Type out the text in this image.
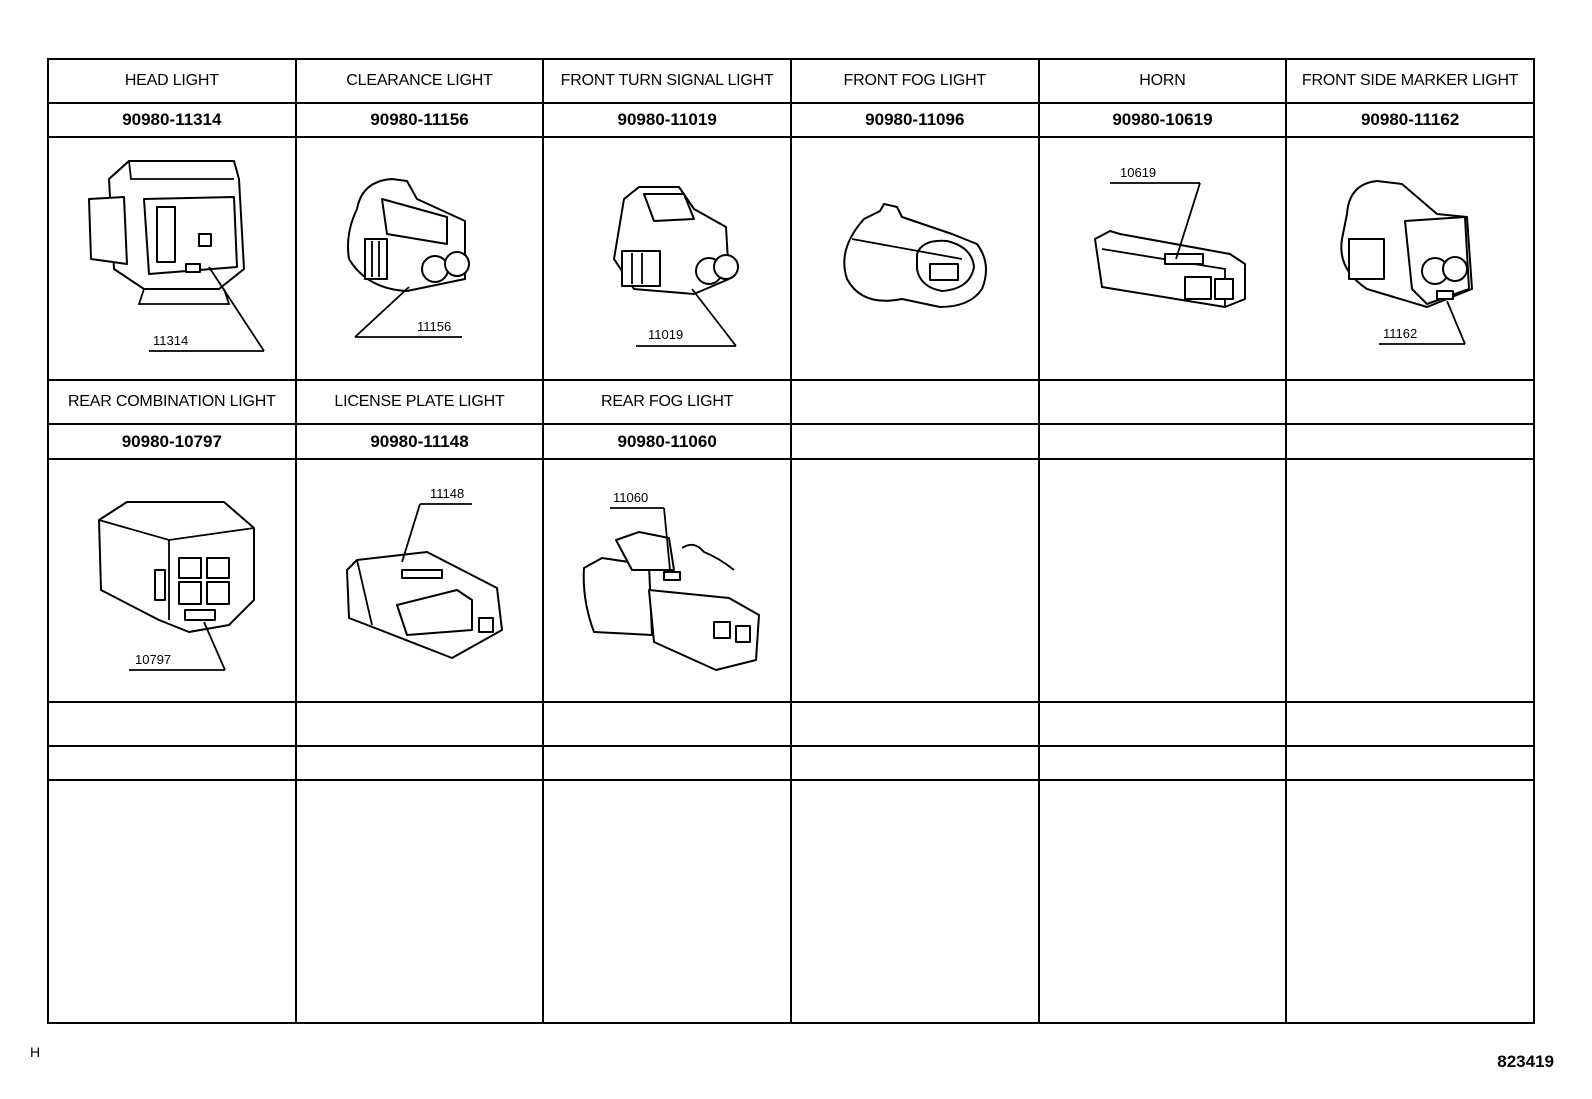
HEAD LIGHT	CLEARANCE LIGHT	FRONT TURN SIGNAL LIGHT	FRONT FOG LIGHT	HORN	FRONT SIDE MARKER LIGHT
90980-11314	90980-11156	90980-11019	90980-11096	90980-10619	90980-11162

11314	11156	11019		10619	11162

REAR COMBINATION LIGHT	LICENSE PLATE LIGHT	REAR FOG LIGHT			
90980-10797	90980-11148	90980-11060			

10797	11148	11060			

H	823419
